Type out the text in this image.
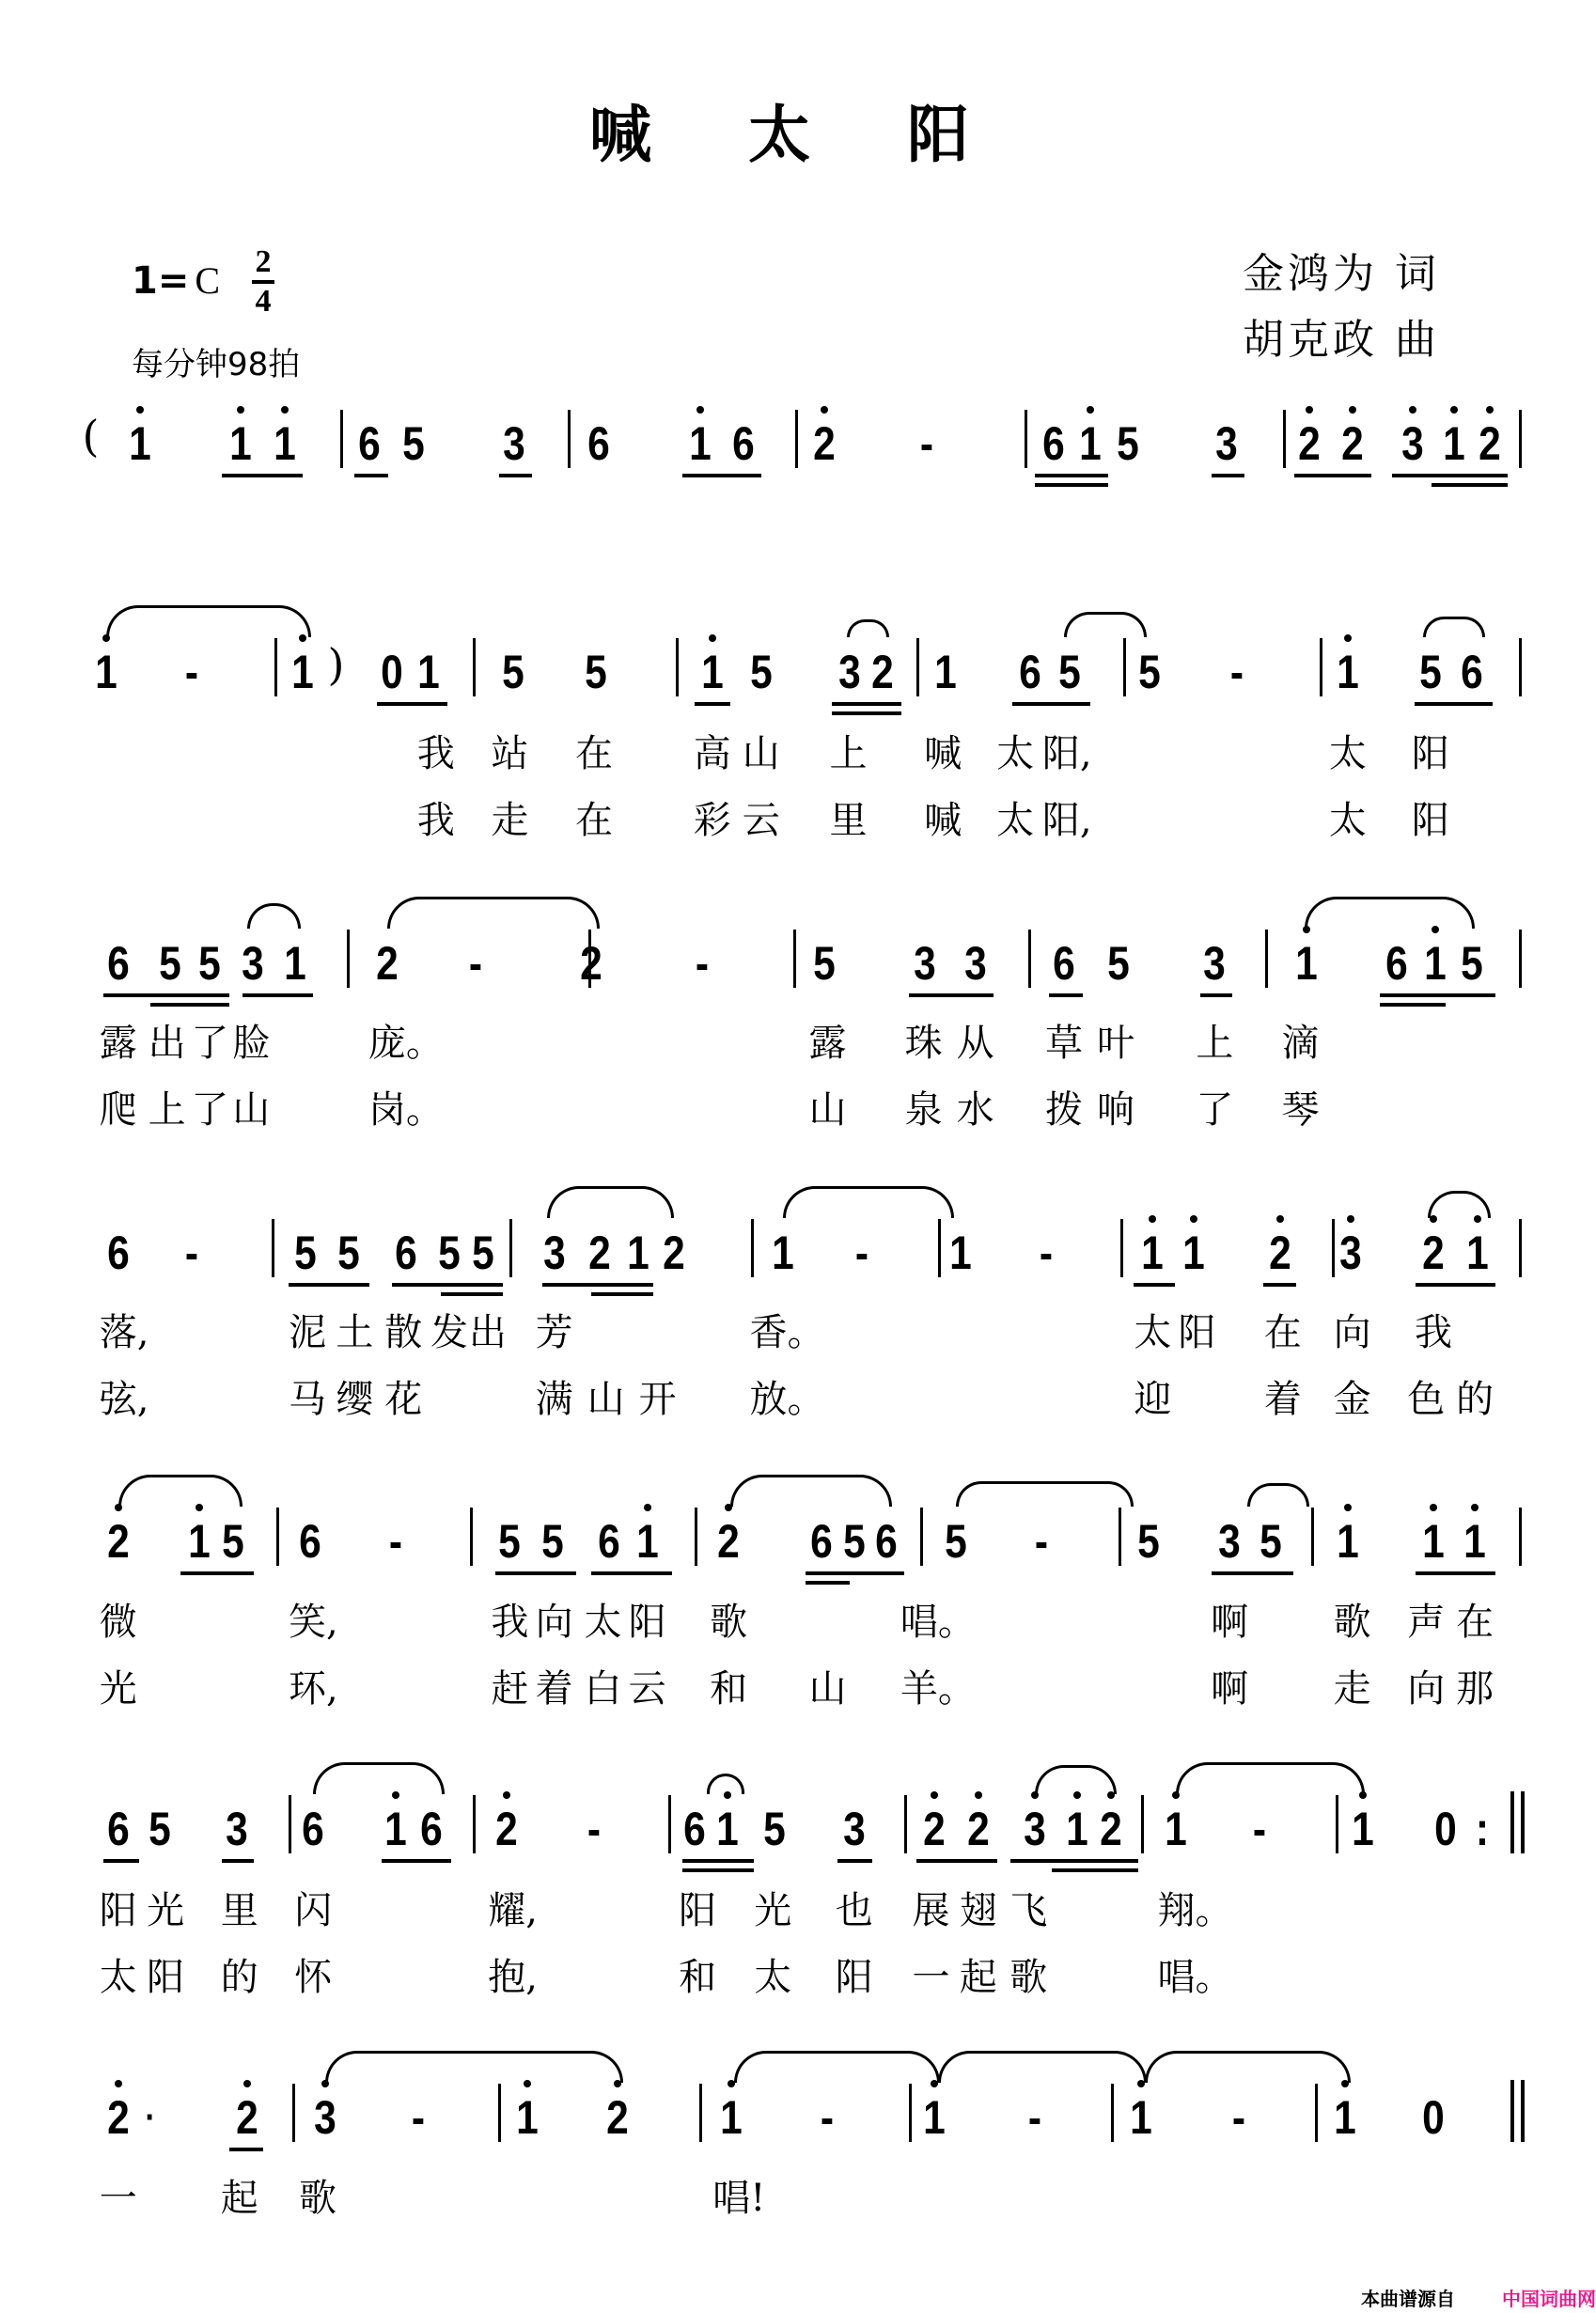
喊 太 阳
1= C 2
4
每分钟98拍
金鸿为 词
胡克政 曲
( 1 1 1 6 5 3 6 1 6 2 - 6 1 5 3 2 2 3 1 2
1 - 1 ) 0 1 5 5 1 5 3 2 1 6 5 5 - 1 5 6
6 5 5 3 1 2 - 2 - 5 3 3 6 5 3 1 6 1 5
6 - 5 5 6 5 5 3 2 1 2 1 - 1 - 1 1 2 3 2 1
2 1 5 6 - 5 5 6 1 2 6 5 6 5 - 5 3 5 1 1 1
6 5 3 6 1 6 2 - 6 1 5 3 2 2 3 1 2 1 - 1 0 :
2 · 2 3 - 1 2 1 - 1 - 1 - 1 0
我 站 在 高 山 上 喊 太 阳,	太 阳
我 走 在 彩 云 里 喊 太 阳,	太 阳
露 出 了 脸	庞。
爬 上 了 山	岗。
露 珠 从 草 叶 上 滴
山 泉 水 拨 响 了 琴
落,	泥 土 散 发 出 芳	香。	太 阳 在 向 我
弦,	马 缨 花	满 山 开 放。	迎 着 金 色 的
微	笑,	我 向 太 阳 歌	唱。	啊 歌 声 在
光	环,	赶 着 白 云 和 山 羊。	啊 走 向 那
阳 光 里 闪	耀,	阳 光 也 展 翅 飞	翔。
太 阳 的 怀	抱,	和 太 阳 一 起 歌	唱。
一 起 歌	唱!
本曲谱源自	中国词曲网
